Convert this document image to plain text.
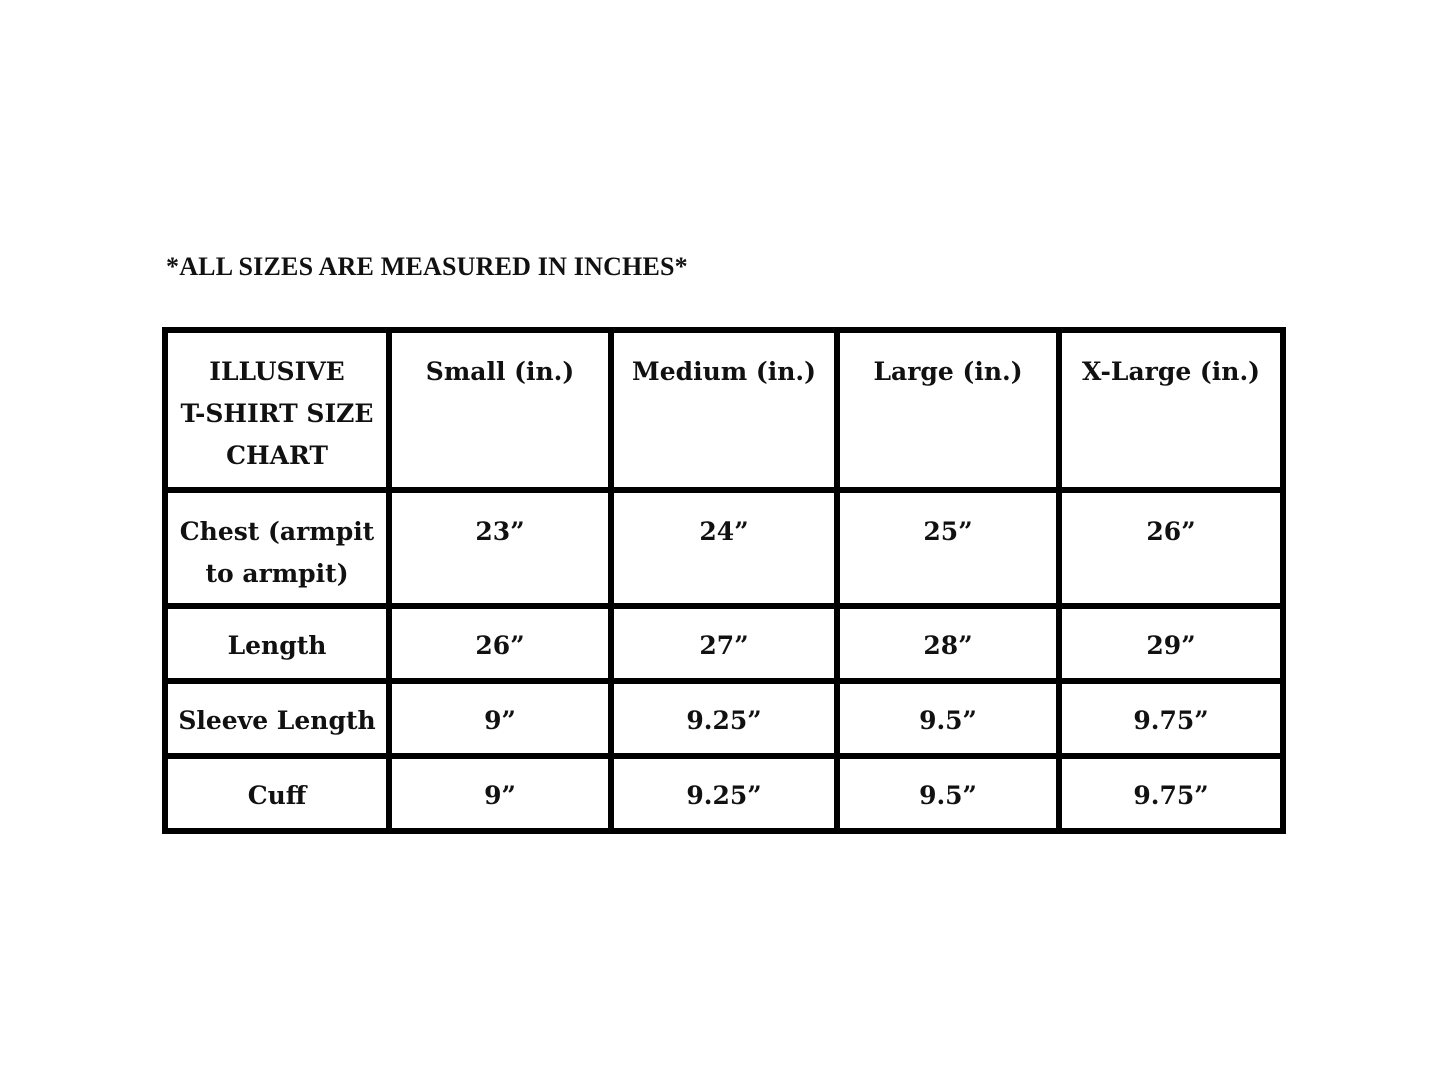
*ALL SIZES ARE MEASURED IN INCHES*

ILLUSIVE
T-SHIRT SIZE
CHART	Small (in.)	Medium (in.)	Large (in.)	X-Large (in.)

Chest (armpit
to armpit)	23”	24”	25”	26”
Length	26”	27”	28”	29”
Sleeve Length	9”	9.25”	9.5”	9.75”
Cuff	9”	9.25”	9.5”	9.75”
